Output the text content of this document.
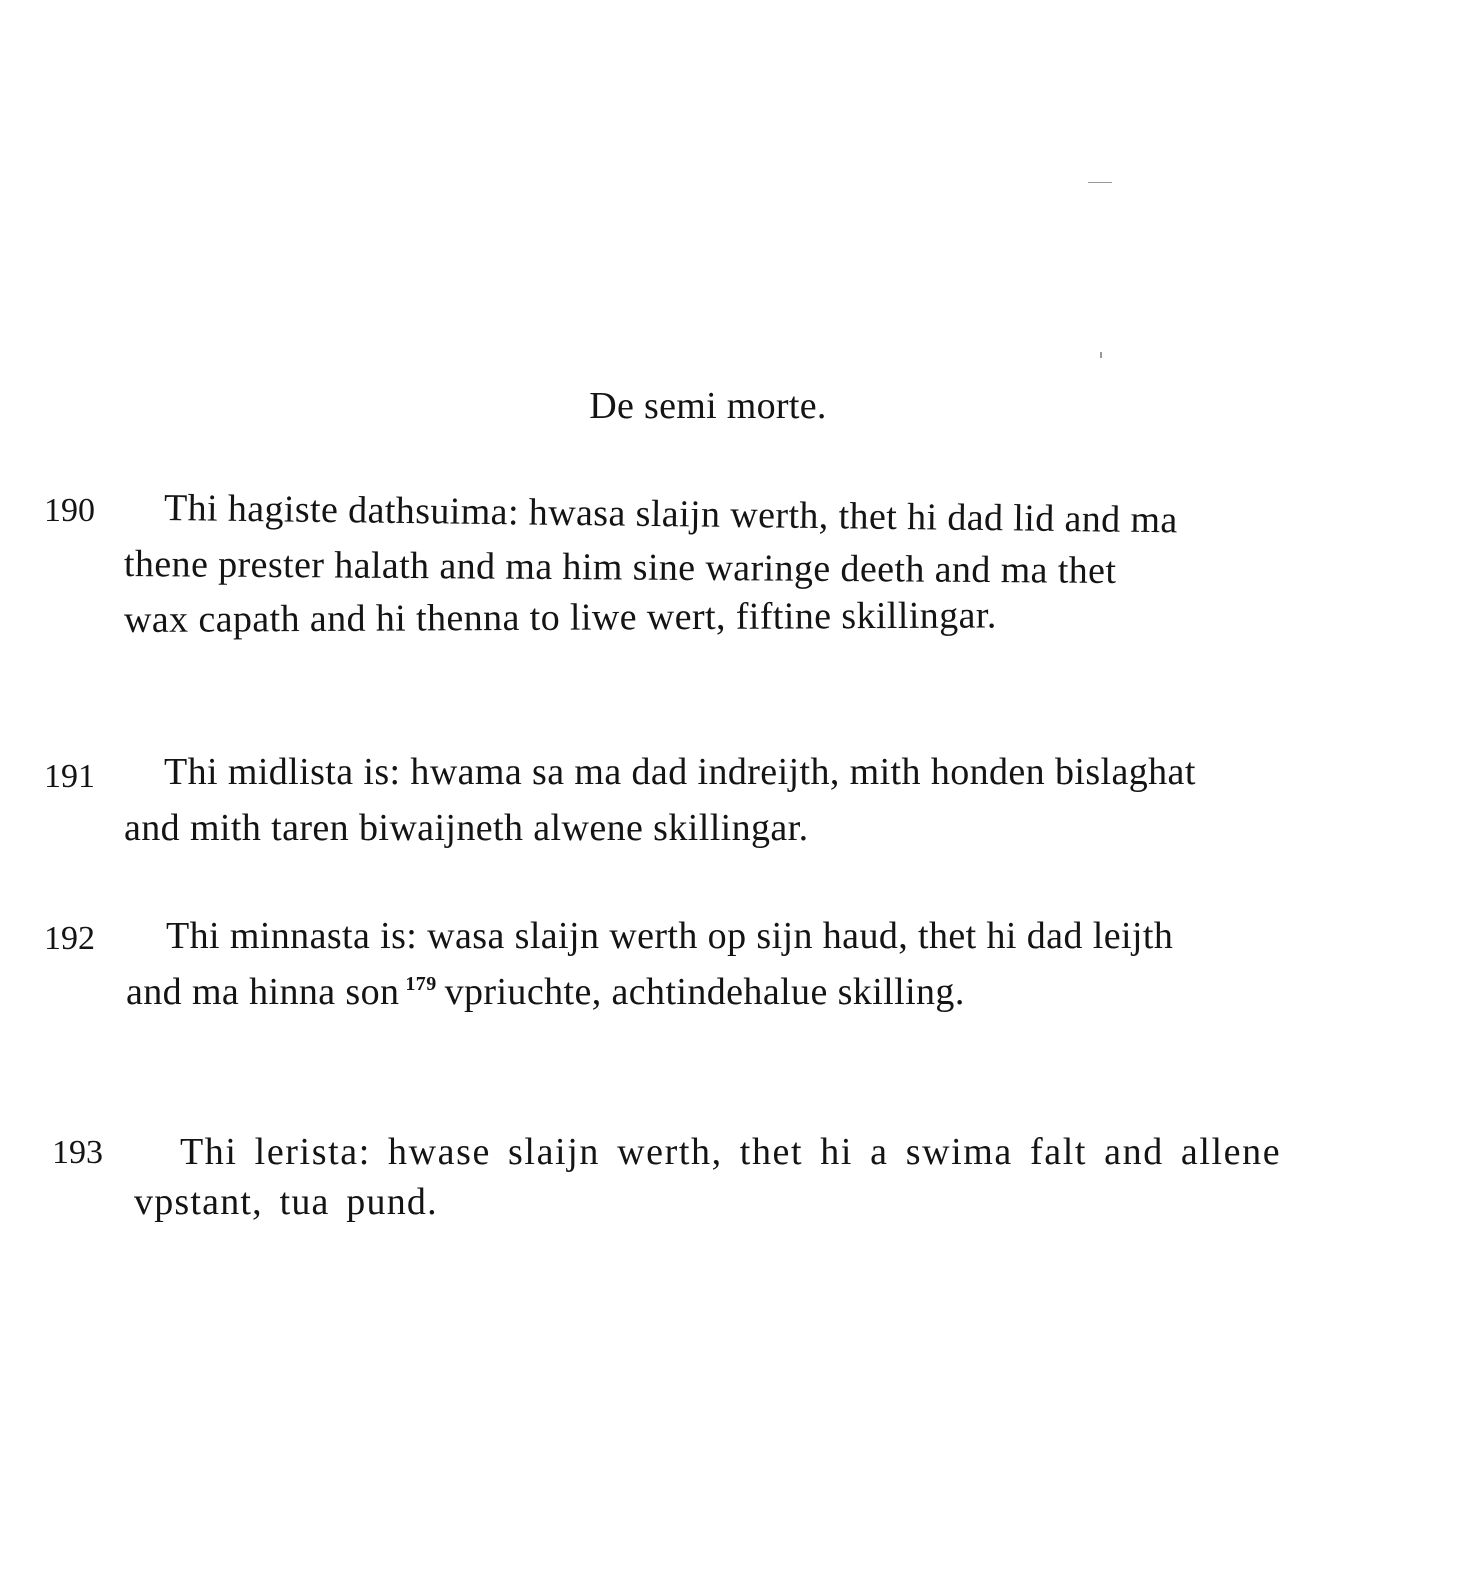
De semi morte.
190 Thi hagiste dathsuima: hwasa slaijn werth, thet hi dad lid and ma
thene prester halath and ma him sine waringe deeth and ma thet
wax capath and hi thenna to liwe wert, fiftine skillingar.
191 Thi midlista is: hwama sa ma dad indreijth, mith honden bislaghat
and mith taren biwaijneth alwene skillingar.
192 Thi minnasta is: wasa slaijn werth op sijn haud, thet hi dad leijth
and ma hinna son $^{179}$ vpriuchte, achtindehalue skilling.
193 Thi lerista: hwase slaijn werth, thet hi a swima falt and allene
vpstant, tua pund.
